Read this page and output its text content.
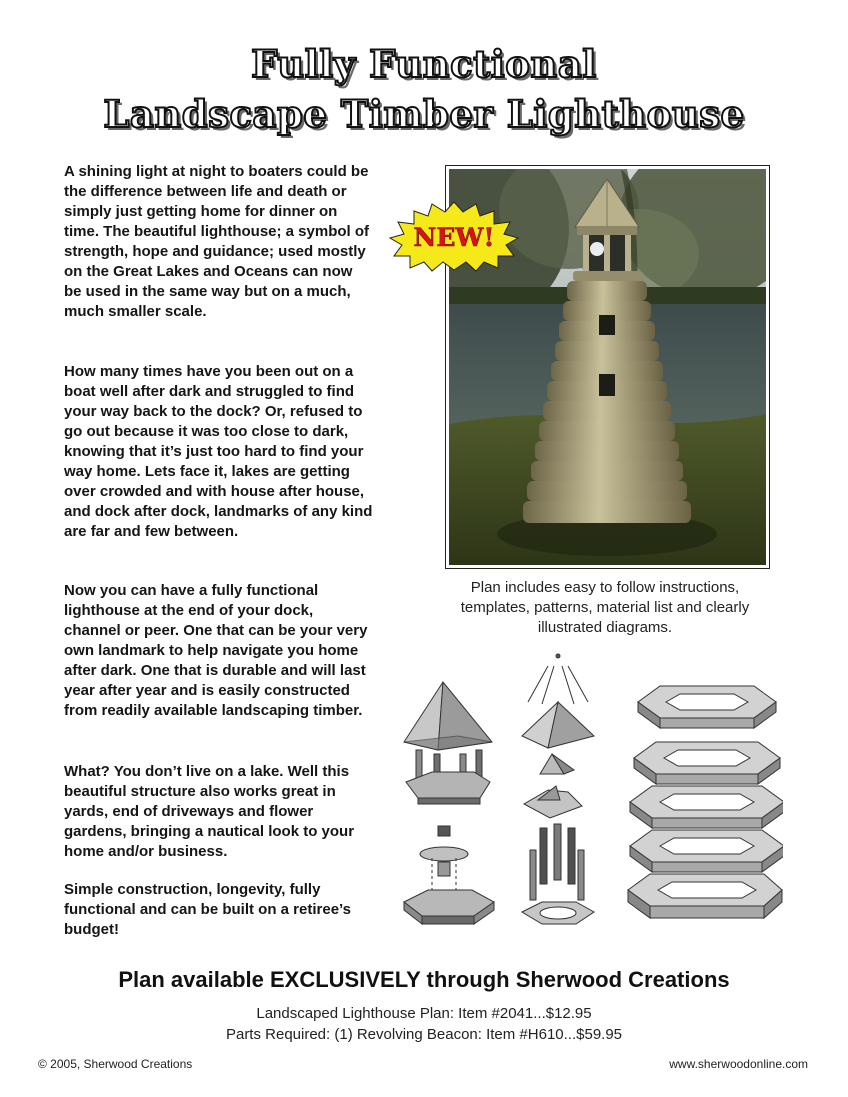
Fully Functional
Landscape Timber Lighthouse

A shining light at night to boaters could be the difference between life and death or simply just getting home for dinner on time. The beautiful lighthouse; a symbol of strength, hope and guidance; used mostly on the Great Lakes and Oceans can now be used in the same way but on a much, much smaller scale.

How many times have you been out on a boat well after dark and struggled to find your way back to the dock? Or, refused to go out because it was too close to dark, knowing that it’s just too hard to find your way home. Lets face it, lakes are getting over crowded and with house after house, and dock after dock, landmarks of any kind are far and few between.

Now you can have a fully functional lighthouse at the end of your dock, channel or peer. One that can be your very own landmark to help navigate you home after dark. One that is durable and will last year after year and is easily constructed from readily available landscaping timber.

What? You don’t live on a lake. Well this beautiful structure also works great in yards, end of driveways and flower gardens, bringing a nautical look to your home and/or business.

Simple construction, longevity, fully functional and can be built on a retiree’s budget!

NEW!

Plan includes easy to follow instructions, templates, patterns, material list and clearly illustrated diagrams.

Plan available EXCLUSIVELY through Sherwood Creations

Landscaped Lighthouse Plan: Item #2041...$12.95

Parts Required: (1) Revolving Beacon: Item #H610...$59.95

© 2005, Sherwood Creations	www.sherwoodonline.com
